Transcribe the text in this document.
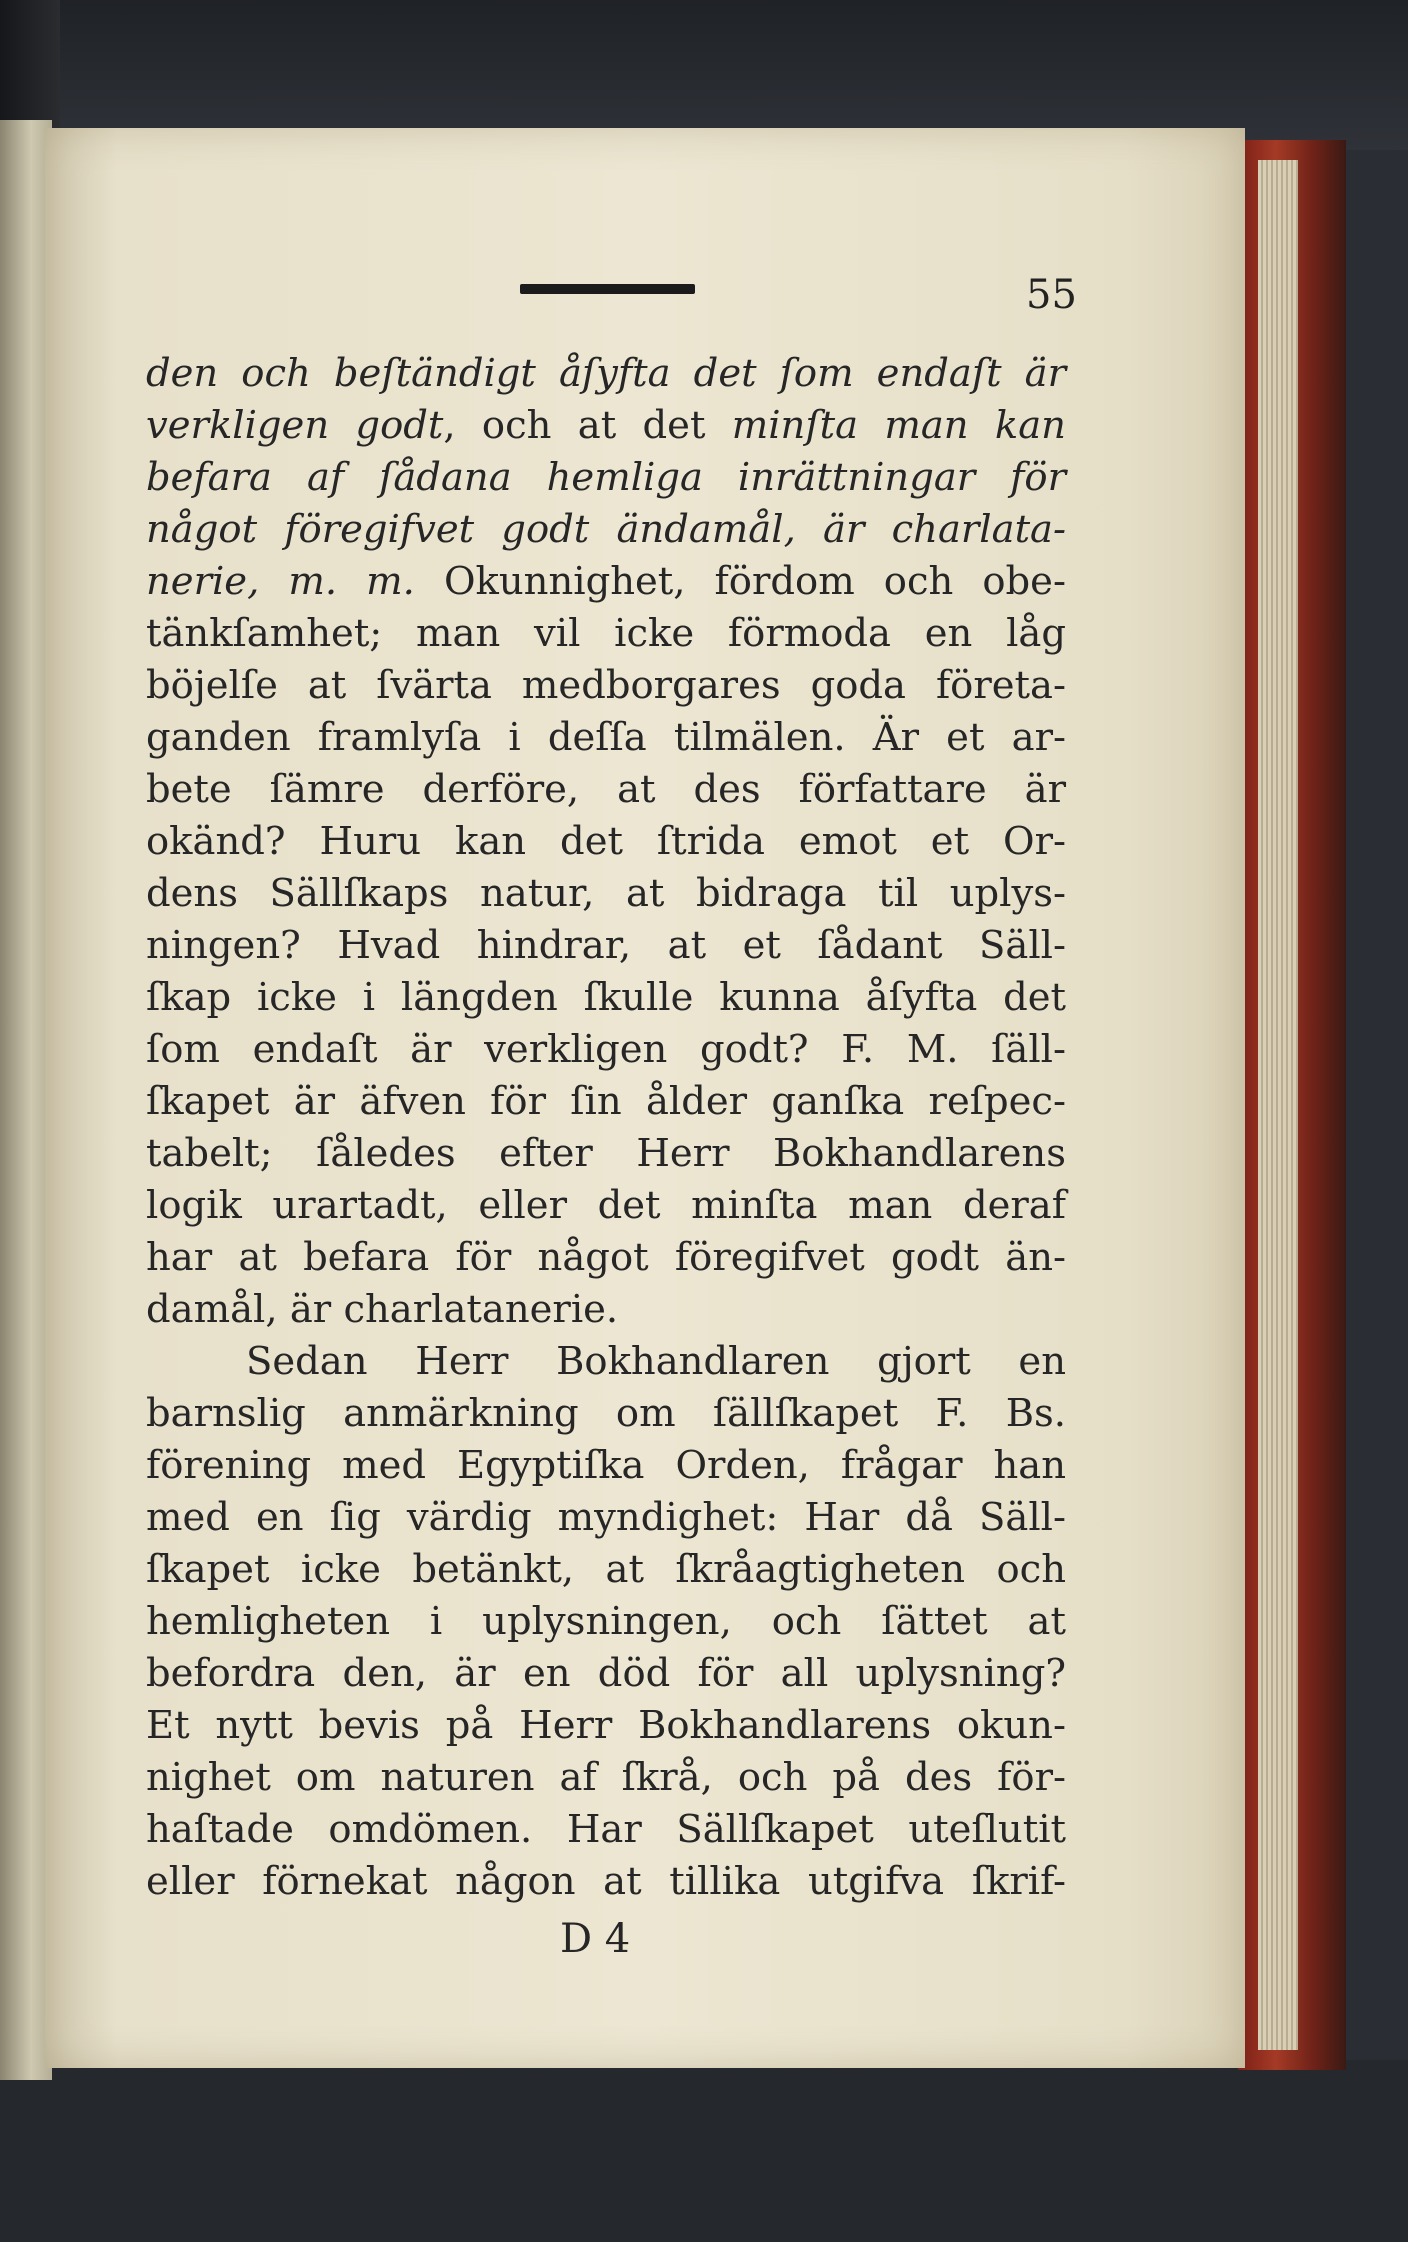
55
den och beſtändigt åſyfta det ſom endaſt är
verkligen godt, och at det minſta man kan
befara af ſådana hemliga inrättningar för
något föregifvet godt ändamål, är charlata-
nerie, m. m. Okunnighet, fördom och obe-
tänkſamhet; man vil icke förmoda en låg
böjelſe at ſvärta medborgares goda företa-
ganden framlyſa i deſſa tilmälen. Är et ar-
bete ſämre derföre, at des författare är
okänd? Huru kan det ſtrida emot et Or-
dens Sällſkaps natur, at bidraga til uplys-
ningen? Hvad hindrar, at et ſådant Säll-
ſkap icke i längden ſkulle kunna åſyfta det
ſom endaſt är verkligen godt? F. M. ſäll-
ſkapet är äfven för ſin ålder ganſka reſpec-
tabelt; ſåledes efter Herr Bokhandlarens
logik urartadt, eller det minſta man deraf
har at befara för något föregifvet godt än-
damål, är charlatanerie.
Sedan Herr Bokhandlaren gjort en
barnslig anmärkning om ſällſkapet F. Bs.
förening med Egyptiſka Orden, frågar han
med en ſig värdig myndighet: Har då Säll-
ſkapet icke betänkt, at ſkråagtigheten och
hemligheten i uplysningen, och ſättet at
befordra den, är en död för all uplysning?
Et nytt bevis på Herr Bokhandlarens okun-
nighet om naturen af ſkrå, och på des för-
haſtade omdömen. Har Sällſkapet uteſlutit
eller förnekat någon at tillika utgifva ſkrif-
D 4
